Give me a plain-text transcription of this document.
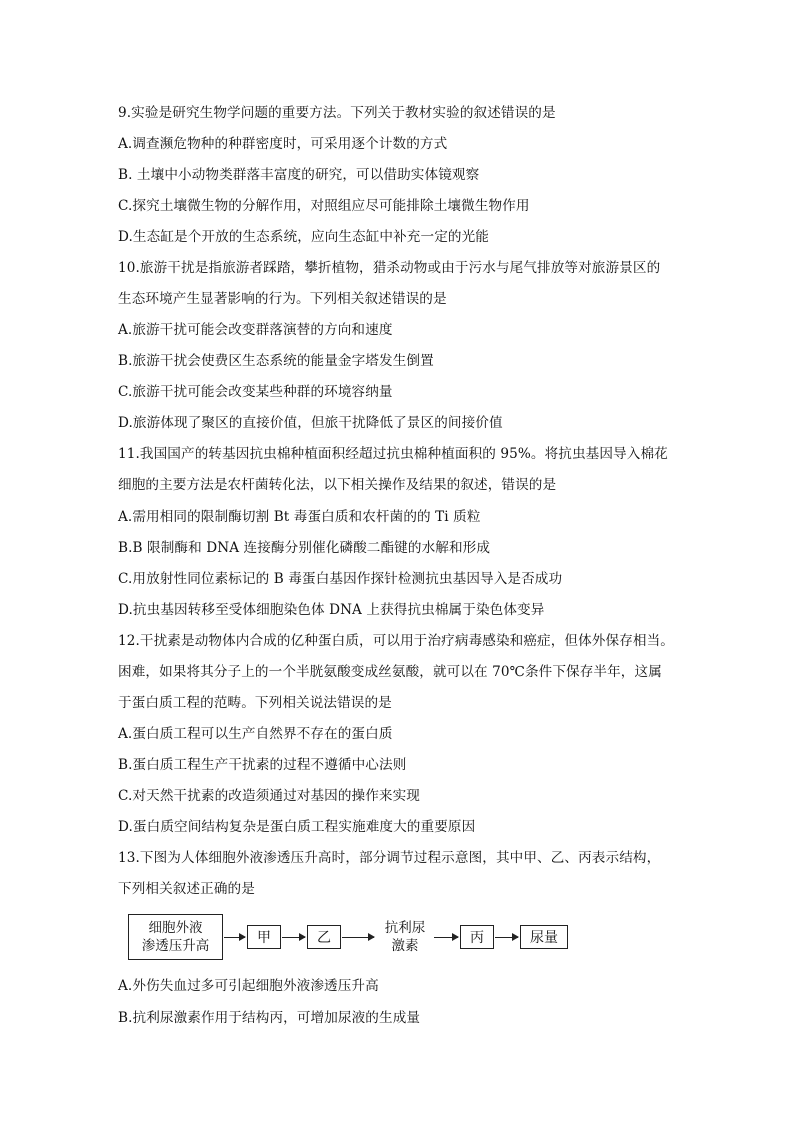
9.实验是研究生物学问题的重要方法。下列关于教材实验的叙述错误的是
A.调查濒危物种的种群密度时，可采用逐个计数的方式
B. 土壤中小动物类群落丰富度的研究，可以借助实体镜观察
C.探究土壤微生物的分解作用，对照组应尽可能排除土壤微生物作用
D.生态缸是个开放的生态系统，应向生态缸中补充一定的光能
10.旅游干扰是指旅游者踩踏，攀折植物，猎杀动物或由于污水与尾气排放等对旅游景区的
生态环境产生显著影响的行为。下列相关叙述错误的是
A.旅游干扰可能会改变群落演替的方向和速度
B.旅游干扰会使费区生态系统的能量金字塔发生倒置
C.旅游干扰可能会改变某些种群的环境容纳量
D.旅游体现了聚区的直接价值，但旅干扰降低了景区的间接价值
11.我国国产的转基因抗虫棉种植面积经超过抗虫棉种植面积的 95%。将抗虫基因导入棉花
细胞的主要方法是农杆菌转化法，以下相关操作及结果的叙述，错误的是
A.需用相同的限制酶切割 Bt 毒蛋白质和农杆菌的的 Ti 质粒
B.B 限制酶和 DNA 连接酶分别催化磷酸二酯键的水解和形成
C.用放射性同位素标记的 B 毒蛋白基因作探针检测抗虫基因导入是否成功
D.抗虫基因转移至受体细胞染色体 DNA 上获得抗虫棉属于染色体变异
12.干扰素是动物体内合成的亿种蛋白质，可以用于治疗病毒感染和癌症，但体外保存相当。
困难，如果将其分子上的一个半胱氨酸变成丝氨酸，就可以在 70℃条件下保存半年，这属
于蛋白质工程的范畴。下列相关说法错误的是
A.蛋白质工程可以生产自然界不存在的蛋白质
B.蛋白质工程生产干扰素的过程不遵循中心法则
C.对天然干扰素的改造须通过对基因的操作来实现
D.蛋白质空间结构复杂是蛋白质工程实施难度大的重要原因
13.下图为人体细胞外液渗透压升高时，部分调节过程示意图，其中甲、乙、丙表示结构，
下列相关叙述正确的是
细胞外液
渗透压升高	甲	乙
抗利尿
激素	丙	尿量
A.外伤失血过多可引起细胞外液渗透压升高
B.抗利尿激素作用于结构丙，可增加尿液的生成量
